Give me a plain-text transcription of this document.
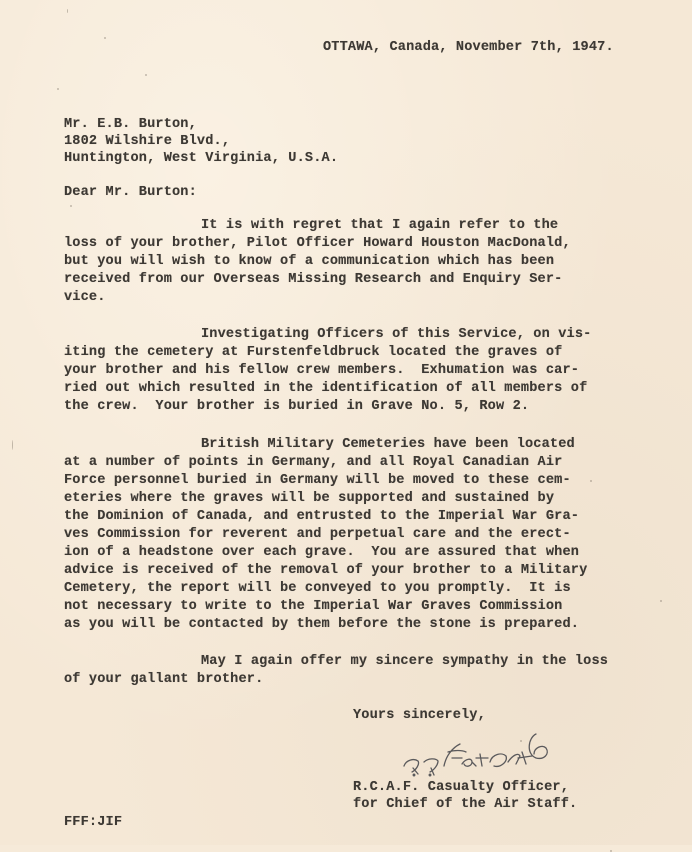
OTTAWA, Canada, November 7th, 1947.
Mr. E.B. Burton,
1802 Wilshire Blvd.,
Huntington, West Virginia, U.S.A.
Dear Mr. Burton:
It is with regret that I again refer to the
loss of your brother, Pilot Officer Howard Houston MacDonald,
but you will wish to know of a communication which has been
received from our Overseas Missing Research and Enquiry Ser-
vice.
Investigating Officers of this Service, on vis-
iting the cemetery at Furstenfeldbruck located the graves of
your brother and his fellow crew members.  Exhumation was car-
ried out which resulted in the identification of all members of
the crew.  Your brother is buried in Grave No. 5, Row 2.
British Military Cemeteries have been located
at a number of points in Germany, and all Royal Canadian Air
Force personnel buried in Germany will be moved to these cem-
eteries where the graves will be supported and sustained by
the Dominion of Canada, and entrusted to the Imperial War Gra-
ves Commission for reverent and perpetual care and the erect-
ion of a headstone over each grave.  You are assured that when
advice is received of the removal of your brother to a Military
Cemetery, the report will be conveyed to you promptly.  It is
not necessary to write to the Imperial War Graves Commission
as you will be contacted by them before the stone is prepared.
May I again offer my sincere sympathy in the loss
of your gallant brother.
Yours sincerely,
R.C.A.F. Casualty Officer,
for Chief of the Air Staff.
FFF:JIF
